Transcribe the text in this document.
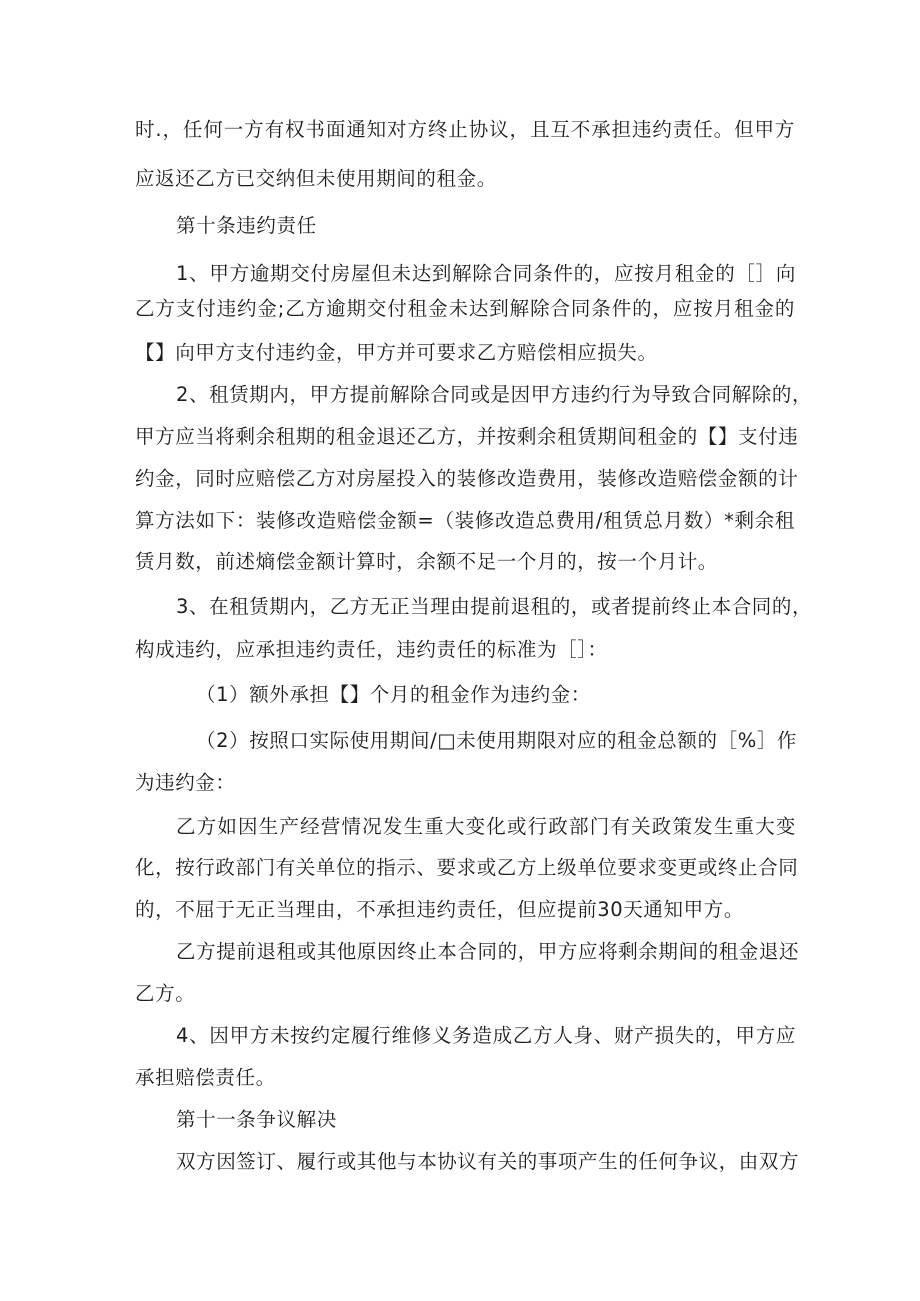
时.，任何一方有权书面通知对方终止协议，且互不承担违约责任。但甲方
应返还乙方已交纳但未使用期间的租金。
第十条违约责任
1、甲方逾期交付房屋但未达到解除合同条件的，应按月租金的［］向
乙方支付违约金;乙方逾期交付租金未达到解除合同条件的，应按月租金的
【】向甲方支付违约金，甲方并可要求乙方赔偿相应损失。
2、租赁期内，甲方提前解除合同或是因甲方违约行为导致合同解除的，
甲方应当将剩余租期的租金退还乙方，并按剩余租赁期间租金的【】支付违
约金，同时应赔偿乙方对房屋投入的装修改造费用，装修改造赔偿金额的计
算方法如下：装修改造赔偿金额=（装修改造总费用/租赁总月数）*剩余租
赁月数，前述熵偿金额计算时，余额不足一个月的，按一个月计。
3、在租赁期内，乙方无正当理由提前退租的，或者提前终止本合同的，
构成违约，应承担违约责任，违约责任的标准为［］：
（1）额外承担【】个月的租金作为违约金：
（2）按照口实际使用期间/□未使用期限对应的租金总额的［%］作
为违约金：
乙方如因生产经营情况发生重大变化或行政部门有关政策发生重大变
化，按行政部门有关单位的指示、要求或乙方上级单位要求变更或终止合同
的，不屈于无正当理由，不承担违约责任，但应提前30天通知甲方。
乙方提前退租或其他原因终止本合同的，甲方应将剩余期间的租金退还
乙方。
4、因甲方未按约定履行维修义务造成乙方人身、财产损失的，甲方应
承担赔偿责任。
第十一条争议解决
双方因签订、履行或其他与本协议有关的事项产生的任何争议，由双方
